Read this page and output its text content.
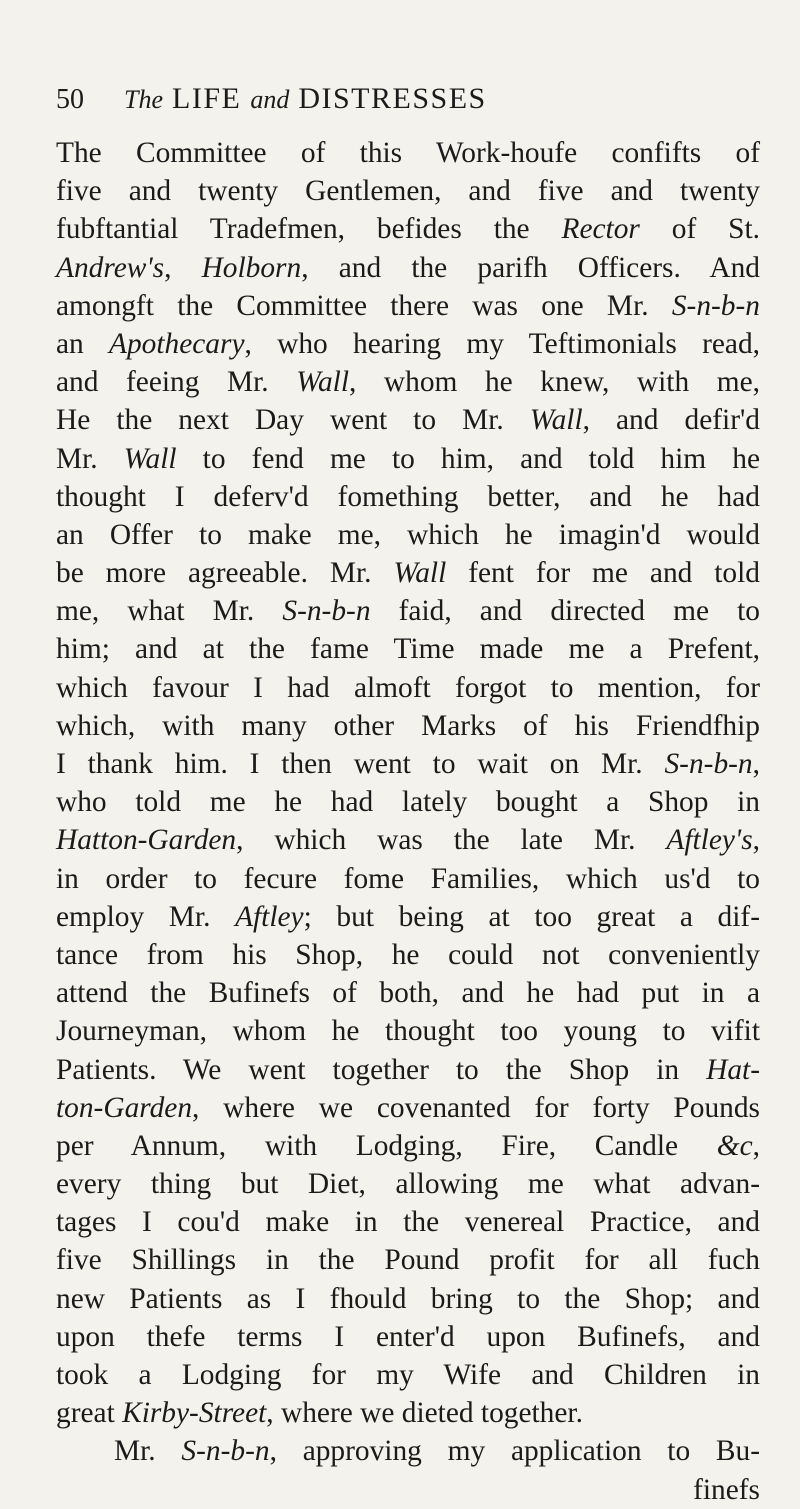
50	The LIFE and DISTRESSES
The Committee of this Work-houfe confifts of
five and twenty Gentlemen, and five and twenty
fubftantial Tradefmen, befides the Rector of St.
Andrew's, Holborn, and the parifh Officers. And
amongft the Committee there was one Mr. S-n-b-n
an Apothecary, who hearing my Teftimonials read,
and feeing Mr. Wall, whom he knew, with me,
He the next Day went to Mr. Wall, and defir'd
Mr. Wall to fend me to him, and told him he
thought I deferv'd fomething better, and he had
an Offer to make me, which he imagin'd would
be more agreeable. Mr. Wall fent for me and told
me, what Mr. S-n-b-n faid, and directed me to
him; and at the fame Time made me a Prefent,
which favour I had almoft forgot to mention, for
which, with many other Marks of his Friendfhip
I thank him. I then went to wait on Mr. S-n-b-n,
who told me he had lately bought a Shop in
Hatton-Garden, which was the late Mr. Aftley's,
in order to fecure fome Families, which us'd to
employ Mr. Aftley; but being at too great a dif-
tance from his Shop, he could not conveniently
attend the Bufinefs of both, and he had put in a
Journeyman, whom he thought too young to vifit
Patients. We went together to the Shop in Hat-
ton-Garden, where we covenanted for forty Pounds
per Annum, with Lodging, Fire, Candle &c,
every thing but Diet, allowing me what advan-
tages I cou'd make in the venereal Practice, and
five Shillings in the Pound profit for all fuch
new Patients as I fhould bring to the Shop; and
upon thefe terms I enter'd upon Bufinefs, and
took a Lodging for my Wife and Children in
great Kirby-Street, where we dieted together.
Mr. S-n-b-n, approving my application to Bu-
finefs
